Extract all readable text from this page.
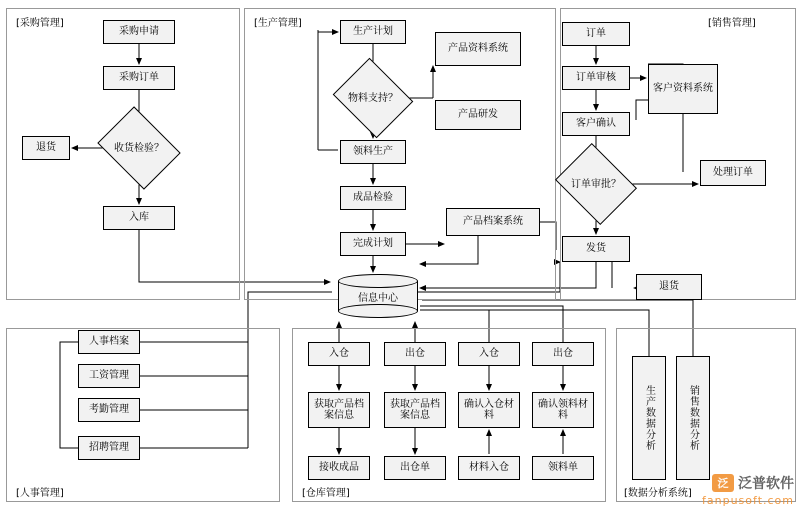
[采购管理]	[生产管理]	[销售管理]
[人事管理]	[仓库管理]	[数据分析系统]
采购申请
采购订单
收货检验？
退货
入库
生产计划
物料支持？
产品资料系统
产品研发
领料生产
成品检验
完成计划
产品档案系统
订单
订单审核
客户资料系统
客户确认
订单审批？
处理订单
发货
退货
信息中心
人事档案
工资管理
考勤管理
招聘管理
入仓	出仓	入仓	出仓
获取产品档案信息
获取产品档案信息
确认入仓材料
确认领料材料
接收成品	出仓单	材料入仓	领料单
生产数据分析	销售数据分析
泛 泛普软件
fanpusoft.com
